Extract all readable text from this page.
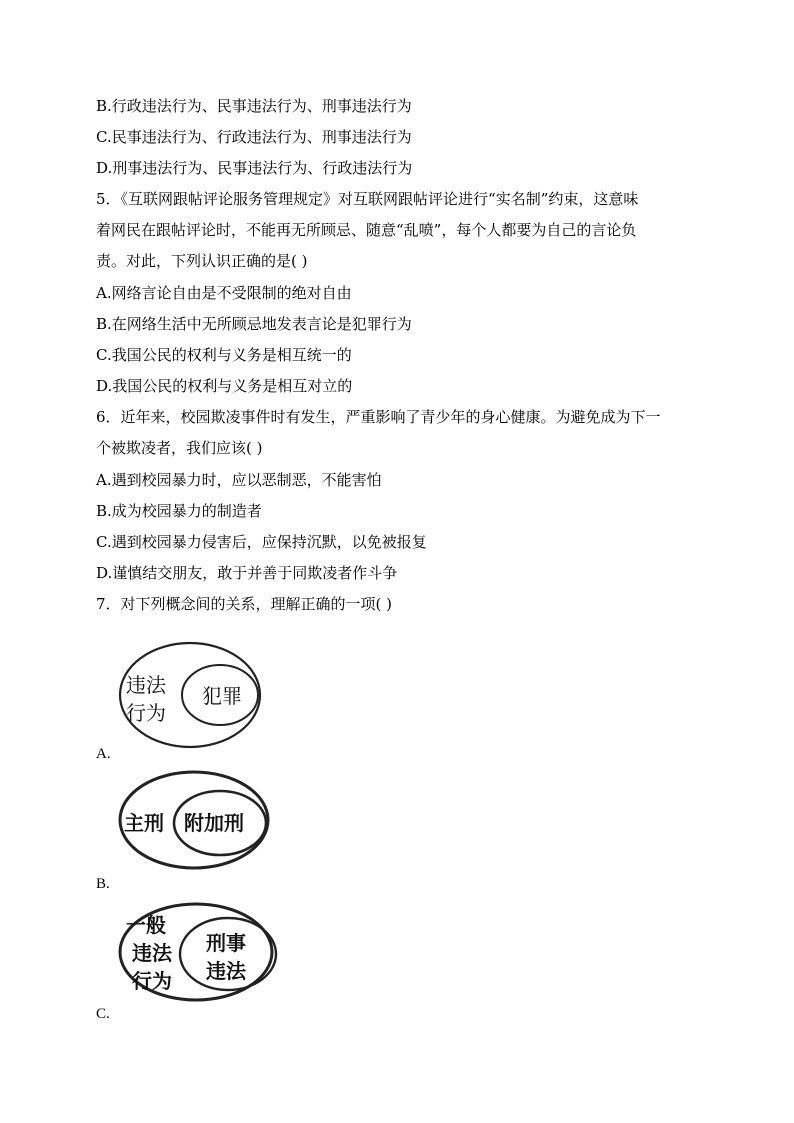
B.行政违法行为、民事违法行为、刑事违法行为
C.民事违法行为、行政违法行为、刑事违法行为
D.刑事违法行为、民事违法行为、行政违法行为
5．《互联网跟帖评论服务管理规定》对互联网跟帖评论进行“实名制”约束，这意味
着网民在跟帖评论时，不能再无所顾忌、随意“乱喷”，每个人都要为自己的言论负
责。对此，下列认识正确的是( )
A.网络言论自由是不受限制的绝对自由
B.在网络生活中无所顾忌地发表言论是犯罪行为
C.我国公民的权利与义务是相互统一的
D.我国公民的权利与义务是相互对立的
6．近年来，校园欺凌事件时有发生，严重影响了青少年的身心健康。为避免成为下一
个被欺凌者，我们应该( )
A.遇到校园暴力时，应以恶制恶，不能害怕
B.成为校园暴力的制造者
C.遇到校园暴力侵害后，应保持沉默，以免被报复
D.谨慎结交朋友，敢于并善于同欺凌者作斗争
7．对下列概念间的关系，理解正确的一项( )
违法
行为
犯罪
A.
主刑 附加刑
B.
一般
违法
行为
刑事
违法
C.
